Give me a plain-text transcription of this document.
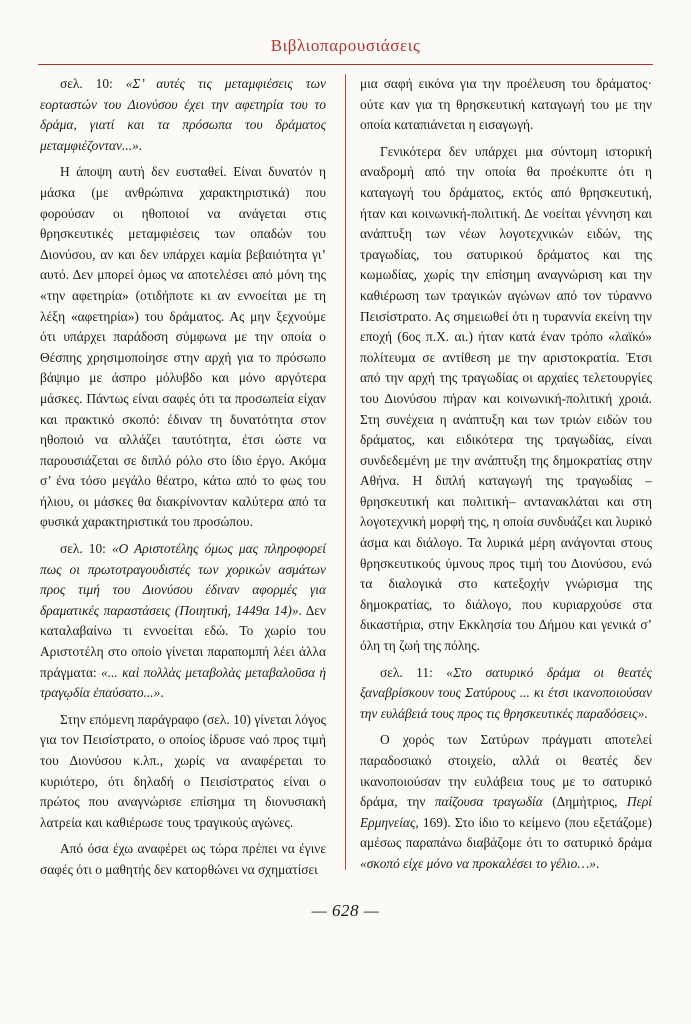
Βιβλιοπαρουσιάσεις

σελ. 10: «Σ’ αυτές τις μεταμφιέσεις των εορταστών του Διονύσου έχει την αφετηρία του το δράμα, γιατί και τα πρόσωπα του δράματος μεταμφιέζονταν...».

Η άποψη αυτή δεν ευσταθεί. Είναι δυνατόν η μάσκα (με ανθρώπινα χαρακτηριστικά) που φορούσαν οι ηθοποιοί να ανάγεται στις θρησκευτικές μεταμφιέσεις των οπαδών του Διονύσου, αν και δεν υπάρχει καμία βεβαιότητα γι’ αυτό. Δεν μπορεί όμως να αποτελέσει από μόνη της «την αφετηρία» (οτιδήποτε κι αν εννοείται με τη λέξη «αφετηρία») του δράματος. Ας μην ξεχνούμε ότι υπάρχει παράδοση σύμφωνα με την οποία ο Θέσπης χρησιμοποίησε στην αρχή για το πρόσωπο βάψιμο με άσπρο μόλυβδο και μόνο αργότερα μάσκες. Πάντως είναι σαφές ότι τα προσωπεία είχαν και πρακτικό σκοπό: έδιναν τη δυνατότητα στον ηθοποιό να αλλάζει ταυτότητα, έτσι ώστε να παρουσιάζεται σε διπλό ρόλο στο ίδιο έργο. Ακόμα σ’ ένα τόσο μεγάλο θέατρο, κάτω από το φως του ήλιου, οι μάσκες θα διακρίνονταν καλύτερα από τα φυσικά χαρακτηριστικά του προσώπου.

σελ. 10: «Ο Αριστοτέλης όμως μας πληροφορεί πως οι πρωτοτραγουδιστές των χορικών ασμάτων προς τιμή του Διονύσου έδιναν αφορμές για δραματικές παραστάσεις (Ποιητική, 1449α 14)». Δεν καταλαβαίνω τι εννοείται εδώ. Το χωρίο του Αριστοτέλη στο οποίο γίνεται παραπομπή λέει άλλα πράγματα: «... καὶ πολλὰς μεταβολὰς μεταβαλοῦσα ἡ τραγῳδία ἐπαύσατο...».

Στην επόμενη παράγραφο (σελ. 10) γίνεται λόγος για τον Πεισίστρατο, ο οποίος ίδρυσε ναό προς τιμή του Διονύσου κ.λπ., χωρίς να αναφέρεται το κυριότερο, ότι δηλαδή ο Πεισίστρατος είναι ο πρώτος που αναγνώρισε επίσημα τη διονυσιακή λατρεία και καθιέρωσε τους τραγικούς αγώνες.

Από όσα έχω αναφέρει ως τώρα πρέπει να έγινε σαφές ότι ο μαθητής δεν κατορθώνει να σχηματίσει

μια σαφή εικόνα για την προέλευση του δράματος· ούτε καν για τη θρησκευτική καταγωγή του με την οποία καταπιάνεται η εισαγωγή.

Γενικότερα δεν υπάρχει μια σύντομη ιστορική αναδρομή από την οποία θα προέκυπτε ότι η καταγωγή του δράματος, εκτός από θρησκευτική, ήταν και κοινωνική-πολιτική. Δε νοείται γέννηση και ανάπτυξη των νέων λογοτεχνικών ειδών, της τραγωδίας, του σατυρικού δράματος και της κωμωδίας, χωρίς την επίσημη αναγνώριση και την καθιέρωση των τραγικών αγώνων από τον τύραννο Πεισίστρατο. Ας σημειωθεί ότι η τυραννία εκείνη την εποχή (6ος π.Χ. αι.) ήταν κατά έναν τρόπο «λαϊκό» πολίτευμα σε αντίθεση με την αριστοκρατία. Έτσι από την αρχή της τραγωδίας οι αρχαίες τελετουργίες του Διονύσου πήραν και κοινωνική-πολιτική χροιά. Στη συνέχεια η ανάπτυξη και των τριών ειδών του δράματος, και ειδικότερα της τραγωδίας, είναι συνδεδεμένη με την ανάπτυξη της δημοκρατίας στην Αθήνα. Η διπλή καταγωγή της τραγωδίας –θρησκευτική και πολιτική– αντανακλάται και στη λογοτεχνική μορφή της, η οποία συνδυάζει και λυρικό άσμα και διάλογο. Τα λυρικά μέρη ανάγονται στους θρησκευτικούς ύμνους προς τιμή του Διονύσου, ενώ τα διαλογικά στο κατεξοχήν γνώρισμα της δημοκρατίας, το διάλογο, που κυριαρχούσε στα δικαστήρια, στην Εκκλησία του Δήμου και γενικά σ’ όλη τη ζωή της πόλης.

σελ. 11: «Στο σατυρικό δράμα οι θεατές ξαναβρίσκουν τους Σατύρους ... κι έτσι ικανοποιούσαν την ευλάβειά τους προς τις θρησκευτικές παραδόσεις».

Ο χορός των Σατύρων πράγματι αποτελεί παραδοσιακό στοιχείο, αλλά οι θεατές δεν ικανοποιούσαν την ευλάβεια τους με το σατυρικό δράμα, την παίζουσα τραγωδία (Δημήτριος, Περί Ερμηνείας, 169). Στο ίδιο το κείμενο (που εξετάζομε) αμέσως παραπάνω διαβάζομε ότι το σατυρικό δράμα «σκοπό είχε μόνο να προκαλέσει το γέλιο…».

— 628 —
